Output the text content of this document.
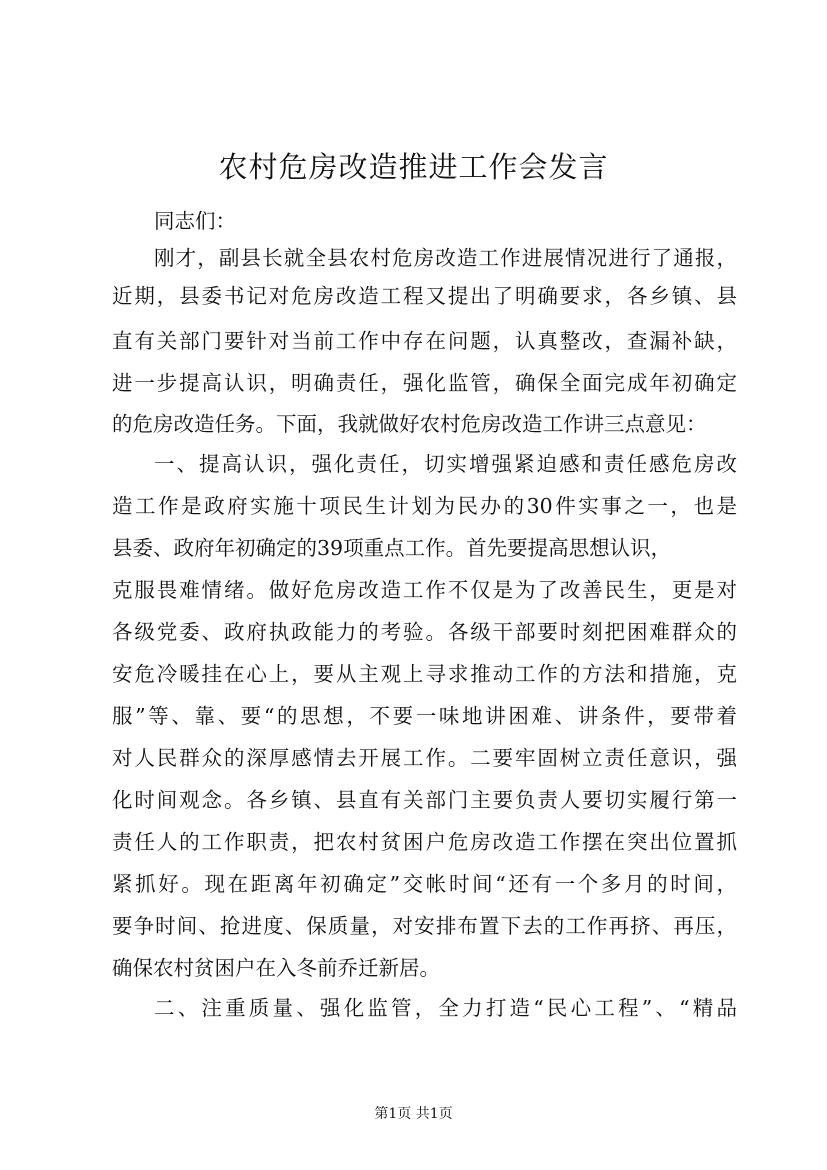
农村危房改造推进工作会发言
同志们：
刚才，副县长就全县农村危房改造工作进展情况进行了通报，
近期，县委书记对危房改造工程又提出了明确要求，各乡镇、县
直有关部门要针对当前工作中存在问题，认真整改，查漏补缺，
进一步提高认识，明确责任，强化监管，确保全面完成年初确定
的危房改造任务。下面，我就做好农村危房改造工作讲三点意见：
一、提高认识，强化责任，切实增强紧迫感和责任感危房改
造工作是政府实施十项民生计划为民办的30件实事之一，也是
县委、政府年初确定的39项重点工作。首先要提高思想认识，
克服畏难情绪。做好危房改造工作不仅是为了改善民生，更是对
各级党委、政府执政能力的考验。各级干部要时刻把困难群众的
安危冷暖挂在心上，要从主观上寻求推动工作的方法和措施，克
服”等、靠、要“的思想，不要一味地讲困难、讲条件，要带着
对人民群众的深厚感情去开展工作。二要牢固树立责任意识，强
化时间观念。各乡镇、县直有关部门主要负责人要切实履行第一
责任人的工作职责，把农村贫困户危房改造工作摆在突出位置抓
紧抓好。现在距离年初确定”交帐时间“还有一个多月的时间，
要争时间、抢进度、保质量，对安排布置下去的工作再挤、再压，
确保农村贫困户在入冬前乔迁新居。
二、注重质量、强化监管，全力打造“民心工程”、“精品
第1页 共1页
